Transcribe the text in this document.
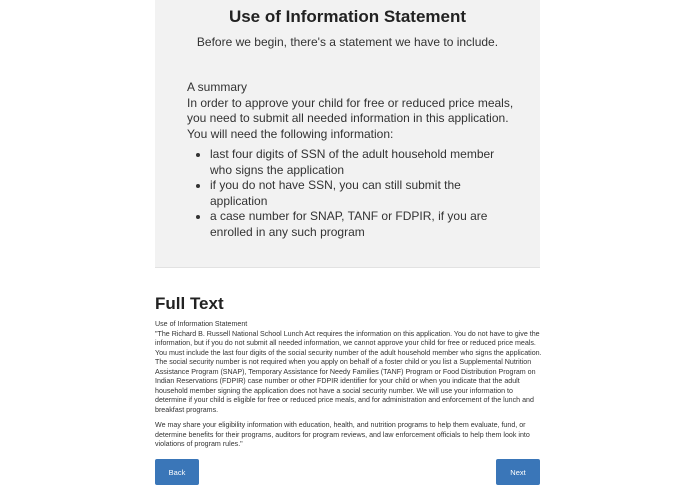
Use of Information Statement

Before we begin, there's a statement we have to include.

A summary

In order to approve your child for free or reduced price meals,

you need to submit all needed information in this application.

You will need the following information:

• last four digits of SSN of the adult household member who signs the application
• if you do not have SSN, you can still submit the application
• a case number for SNAP, TANF or FDPIR, if you are enrolled in any such program
Full Text

Use of Information Statement

"The Richard B. Russell National School Lunch Act requires the information on this application. You do not have to give the information, but if you do not submit all needed information, we cannot approve your child for free or reduced price meals. You must include the last four digits of the social security number of the adult household member who signs the application. The social security number is not required when you apply on behalf of a foster child or you list a Supplemental Nutrition Assistance Program (SNAP), Temporary Assistance for Needy Families (TANF) Program or Food Distribution Program on Indian Reservations (FDPIR) case number or other FDPIR identifier for your child or when you indicate that the adult household member signing the application does not have a social security number. We will use your information to determine if your child is eligible for free or reduced price meals, and for administration and enforcement of the lunch and breakfast programs.

We may share your eligibility information with education, health, and nutrition programs to help them evaluate, fund, or determine benefits for their programs, auditors for program reviews, and law enforcement officials to help them look into violations of program rules."

Back	Next
